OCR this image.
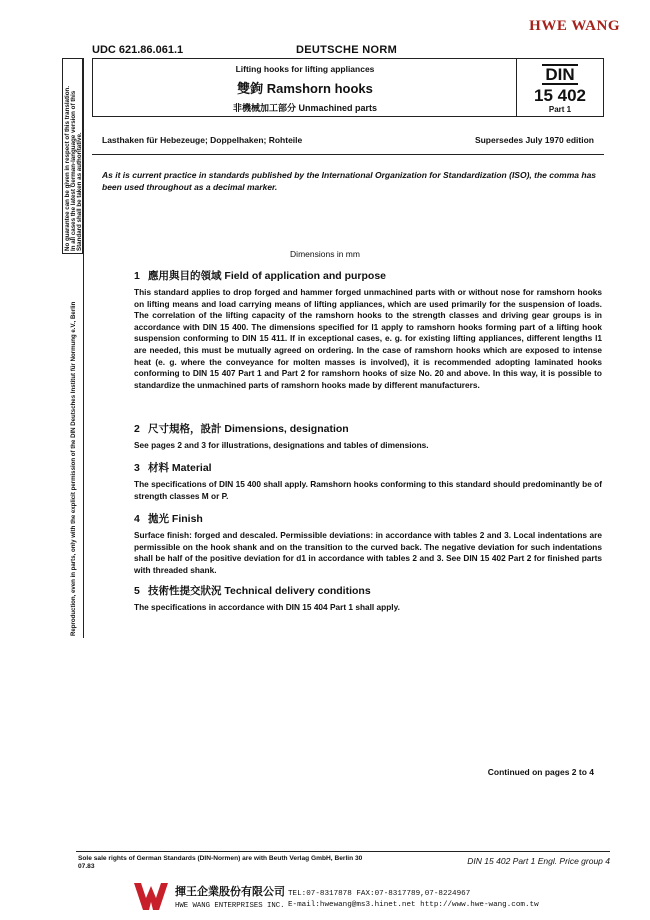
HWE WANG
UDC 621.86.061.1	DEUTSCHE NORM
No guarantee can be given in respect of this translation. In all cases the latest German-language version of this Standard shall be taken as authoritative.
Reproduction, even in parts, only with the explicit permission of the DIN Deutsches Institut für Normung e.V., Berlin
Lifting hooks for lifting appliances
雙鉤 Ramshorn hooks
非機械加工部分 Unmachined parts
DIN
15 402
Part 1
Lasthaken für Hebezeuge; Doppelhaken; Rohteile	Supersedes July 1970 edition
As it is current practice in standards published by the International Organization for Standardization (ISO), the comma has been used throughout as a decimal marker.
Dimensions in mm

1 應用與目的領域 Field of application and purpose

This standard applies to drop forged and hammer forged unmachined parts with or without nose for ramshorn hooks on lifting means and load carrying means of lifting appliances, which are used primarily for the suspension of loads. The correlation of the lifting capacity of the ramshorn hooks to the strength classes and driving gear groups is in accordance with DIN 15 400. The dimensions specified for l1 apply to ramshorn hooks forming part of a lifting hook suspension conforming to DIN 15 411. If in exceptional cases, e. g. for existing lifting appliances, different lengths l1 are needed, this must be mutually agreed on ordering. In the case of ramshorn hooks which are exposed to intense heat (e. g. where the conveyance for molten masses is involved), it is recommended adopting laminated hooks conforming to DIN 15 407 Part 1 and Part 2 for ramshorn hooks of size No. 20 and above. In this way, it is possible to standardize the unmachined parts of ramshorn hooks made by different manufacturers.

2 尺寸規格，設計 Dimensions, designation

See pages 2 and 3 for illustrations, designations and tables of dimensions.

3 材料 Material

The specifications of DIN 15 400 shall apply. Ramshorn hooks conforming to this standard should predominantly be of strength classes M or P.

4 拋光 Finish

Surface finish: forged and descaled. Permissible deviations: in accordance with tables 2 and 3. Local indentations are permissible on the hook shank and on the transition to the curved back. The negative deviation for such indentations shall be half of the positive deviation for d1 in accordance with tables 2 and 3. See DIN 15 402 Part 2 for finished parts with threaded shank.

5 技術性提交狀況 Technical delivery conditions

The specifications in accordance with DIN 15 404 Part 1 shall apply.

Continued on pages 2 to 4
Sole sale rights of German Standards (DIN-Normen) are with Beuth Verlag GmbH, Berlin 30
07.83
DIN 15 402 Part 1 Engl. Price group 4
揮王企業股份有限公司
HWE WANG ENTERPRISES INC.
TEL:07-8317878 FAX:07-8317789,07-8224967
E-mail:hwewang@ms3.hinet.net http://www.hwe-wang.com.tw
